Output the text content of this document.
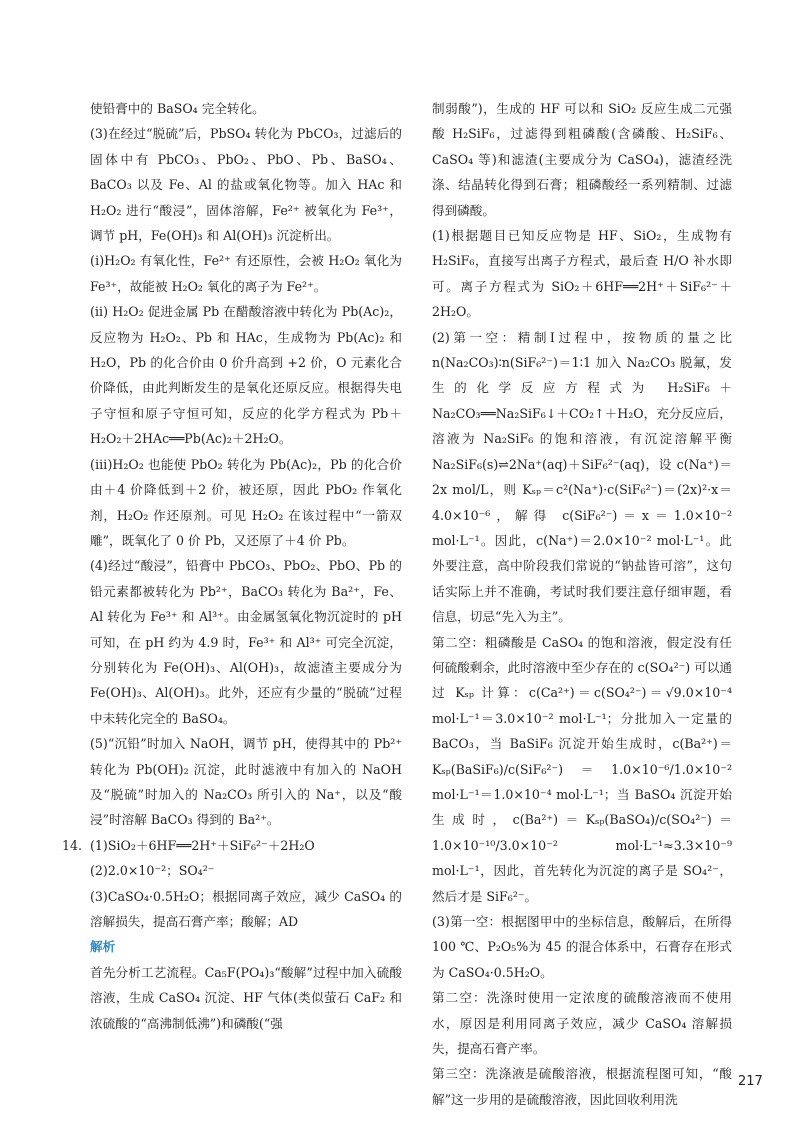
使铅膏中的 BaSO₄ 完全转化。

(3)在经过“脱硫”后，PbSO₄ 转化为 PbCO₃，过滤后的固体中有 PbCO₃、PbO₂、PbO、Pb、BaSO₄、BaCO₃ 以及 Fe、Al 的盐或氧化物等。加入 HAc 和 H₂O₂ 进行“酸浸”，固体溶解，Fe²⁺ 被氧化为 Fe³⁺，调节 pH，Fe(OH)₃ 和 Al(OH)₃ 沉淀析出。

(ⅰ)H₂O₂ 有氧化性，Fe²⁺ 有还原性，会被 H₂O₂ 氧化为 Fe³⁺，故能被 H₂O₂ 氧化的离子为 Fe²⁺。

(ⅱ) H₂O₂ 促进金属 Pb 在醋酸溶液中转化为 Pb(Ac)₂，反应物为 H₂O₂、Pb 和 HAc，生成物为 Pb(Ac)₂ 和 H₂O，Pb 的化合价由 0 价升高到 +2 价，O 元素化合价降低，由此判断发生的是氧化还原反应。根据得失电子守恒和原子守恒可知，反应的化学方程式为 Pb＋H₂O₂＋2HAc══Pb(Ac)₂＋2H₂O。

(ⅲ)H₂O₂ 也能使 PbO₂ 转化为 Pb(Ac)₂，Pb 的化合价由＋4 价降低到＋2 价，被还原，因此 PbO₂ 作氧化剂，H₂O₂ 作还原剂。可见 H₂O₂ 在该过程中“一箭双雕”，既氧化了 0 价 Pb，又还原了＋4 价 Pb。

(4)经过“酸浸”，铅膏中 PbCO₃、PbO₂、PbO、Pb 的铅元素都被转化为 Pb²⁺，BaCO₃ 转化为 Ba²⁺，Fe、Al 转化为 Fe³⁺ 和 Al³⁺。由金属氢氧化物沉淀时的 pH 可知，在 pH 约为 4.9 时，Fe³⁺ 和 Al³⁺ 可完全沉淀，分别转化为 Fe(OH)₃、Al(OH)₃，故滤渣主要成分为 Fe(OH)₃、Al(OH)₃。此外，还应有少量的“脱硫”过程中未转化完全的 BaSO₄。

(5)“沉铅”时加入 NaOH，调节 pH，使得其中的 Pb²⁺ 转化为 Pb(OH)₂ 沉淀，此时滤液中有加入的 NaOH 及“脱硫”时加入的 Na₂CO₃ 所引入的 Na⁺，以及“酸浸”时溶解 BaCO₃ 得到的 Ba²⁺。

14. (1)SiO₂＋6HF══2H⁺＋SiF₆²⁻＋2H₂O

(2)2.0×10⁻²；SO₄²⁻

(3)CaSO₄·0.5H₂O；根据同离子效应，减少 CaSO₄ 的溶解损失，提高石膏产率；酸解；AD

解析

首先分析工艺流程。Ca₅F(PO₄)₃“酸解”过程中加入硫酸溶液，生成 CaSO₄ 沉淀、HF 气体(类似萤石 CaF₂ 和浓硫酸的“高沸制低沸”)和磷酸(“强

制弱酸”)，生成的 HF 可以和 SiO₂ 反应生成二元强酸 H₂SiF₆，过滤得到粗磷酸(含磷酸、H₂SiF₆、CaSO₄ 等)和滤渣(主要成分为 CaSO₄)，滤渣经洗涤、结晶转化得到石膏；粗磷酸经一系列精制、过滤得到磷酸。

(1)根据题目已知反应物是 HF、SiO₂，生成物有 H₂SiF₆，直接写出离子方程式，最后查 H/O 补水即可。离子方程式为 SiO₂＋6HF══2H⁺＋SiF₆²⁻＋2H₂O。

(2)第一空：精制Ⅰ过程中，按物质的量之比 n(Na₂CO₃)∶n(SiF₆²⁻)＝1∶1 加入 Na₂CO₃ 脱氟，发生的化学反应方程式为 H₂SiF₆＋Na₂CO₃══Na₂SiF₆↓＋CO₂↑＋H₂O，充分反应后，溶液为 Na₂SiF₆ 的饱和溶液，有沉淀溶解平衡 Na₂SiF₆(s)⇌2Na⁺(aq)＋SiF₆²⁻(aq)，设 c(Na⁺)＝2x mol/L，则 Kₛₚ＝c²(Na⁺)·c(SiF₆²⁻)＝(2x)²·x＝4.0×10⁻⁶，解得 c(SiF₆²⁻)＝x＝1.0×10⁻² mol·L⁻¹。因此，c(Na⁺)＝2.0×10⁻² mol·L⁻¹。此外要注意，高中阶段我们常说的“钠盐皆可溶”，这句话实际上并不准确，考试时我们要注意仔细审题，看信息，切忌“先入为主”。

第二空：粗磷酸是 CaSO₄ 的饱和溶液，假定没有任何硫酸剩余，此时溶液中至少存在的 c(SO₄²⁻) 可以通过 Kₛₚ 计算：c(Ca²⁺)＝c(SO₄²⁻)＝√9.0×10⁻⁴ mol·L⁻¹＝3.0×10⁻² mol·L⁻¹；分批加入一定量的 BaCO₃，当 BaSiF₆ 沉淀开始生成时，c(Ba²⁺)＝Kₛₚ(BaSiF₆)/c(SiF₆²⁻)＝1.0×10⁻⁶/1.0×10⁻² mol·L⁻¹＝1.0×10⁻⁴ mol·L⁻¹；当 BaSO₄ 沉淀开始生成时，c(Ba²⁺)＝Kₛₚ(BaSO₄)/c(SO₄²⁻)＝1.0×10⁻¹⁰/3.0×10⁻² mol·L⁻¹≈3.3×10⁻⁹ mol·L⁻¹，因此，首先转化为沉淀的离子是 SO₄²⁻，然后才是 SiF₆²⁻。

(3)第一空：根据图甲中的坐标信息，酸解后，在所得 100 ℃、P₂O₅%为 45 的混合体系中，石膏存在形式为 CaSO₄·0.5H₂O。

第二空：洗涤时使用一定浓度的硫酸溶液而不使用水，原因是利用同离子效应，减少 CaSO₄ 溶解损失，提高石膏产率。

第三空：洗涤液是硫酸溶液，根据流程图可知，“酸解”这一步用的是硫酸溶液，因此回收利用洗

217
